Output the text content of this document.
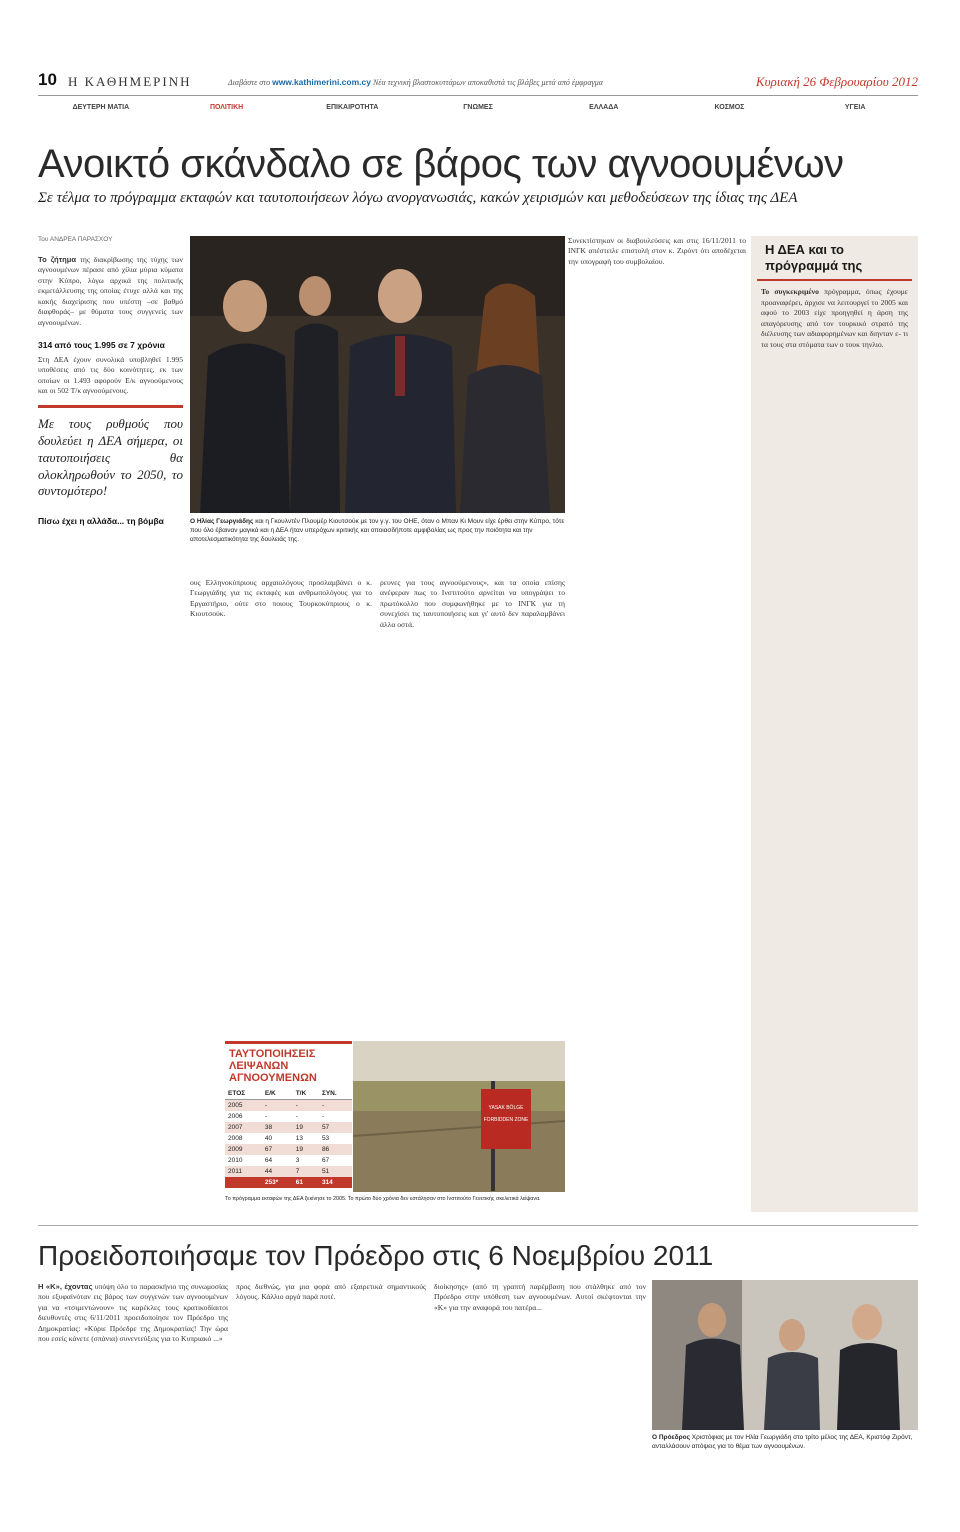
10 Η ΚΑΘΗΜΕΡΙΝΗ	Διαβάστε στο www.kathimerini.com.cy Νέα τεχνική βλαστοκυττάρων αποκαθιστά τις βλάβες μετά από έμφραγμα	Κυριακή 26 Φεβρουαρίου 2012
ΔΕΥΤΕΡΗ ΜΑΤΙΑ	ΠΟΛΙΤΙΚΗ	ΕΠΙΚΑΙΡΟΤΗΤΑ	ΓΝΩΜΕΣ	ΕΛΛΑΔΑ	ΚΟΣΜΟΣ	ΥΓΕΙΑ
Ανοικτό σκάνδαλο σε βάρος των αγνοουμένων
Σε τέλμα το πρόγραμμα εκταφών και ταυτοποιήσεων λόγω ανοργανωσιάς, κακών χειρισμών και μεθοδεύσεων της ίδιας της ΔΕΑ
Του ΑΝΔΡΕΑ ΠΑΡΑΣΧΟΥ

Το ζήτημα της διακρίβωσης της τύχης των αγνοουμένων πέρασε από χίλια μύρια κύματα στην Κύπρο, λόγω αρχικά της πολιτικής εκμετάλλευσης της οποίας έτυχε αλλά και της κακής διαχείρισης που υπέστη –σε βαθμό διαφθοράς– με θύματα τους συγγενείς των αγνοουμένων.

314 από τους 1.995 σε 7 χρόνια

Στη ΔΕΑ έχουν συνολικά υποβληθεί 1.995 υποθέσεις από τις δύο κοινότητες, εκ των οποίων οι 1.493 αφορούν Ε/κ αγνοούμενους και οι 502 Τ/κ αγνοούμενους.

Με τους ρυθμούς που δουλεύει η ΔΕΑ σήμερα, οι ταυτοποιήσεις θα ολοκληρωθούν το 2050, το συντομότερο!
Πίσω έχει η αλλάδα... τη βόμβα	Ο Ηλίας Γεωργιάδης και η Γκουλντέν Πλουμέρ Κιουτσούκ με τον γ.γ. του ΟΗΕ, όταν ο Μπαν Κι Μουν είχε έρθει στην Κύπρο, τότε που όλο έβαιναν μαγικά και η ΔΕΑ ήταν υπερόχων κριτικής και οποιασδήποτε αμφιβολίας ως προς την ποιότητα και την αποτελεσματικότητα της δουλειάς της.

ους Ελληνοκύπριους αρχαιολόγους προσλαμβάνει ο κ. Γεωργιάδης για τις εκταφές και ανθρωπολόγους για το Εργαστήριο, ούτε στο ποιους Τουρκοκύπριους ο κ. Κιουτσούκ.

ρευνες για τους αγνοούμενους», και τα οποία επίσης ανέφεραν πως το Ινστιτούτο αρνείται να υπογράψει το πρωτόκολλο που συμφωνήθηκε με το ΙΝΓΚ για τη συνεχίσει τις ταυτοποιήσεις και γι' αυτό δεν παραλαμβάνει άλλα οστά.

ΤΑΥΤΟΠΟΙΗΣΕΙΣ ΛΕΙΨΑΝΩΝ ΑΓΝΟΟΥΜΕΝΩΝ
ΕΤΟΣ	Ε/Κ	Τ/Κ	ΣΥΝ.
2005	-	-	-
2006	-	-	-
2007	38	19	57
2008	40	13	53
2009	67	19	86
2010	64	3	67
2011	44	7	51
	253*	61	314
YASAK BÖLGE
FORBIDDEN ZONE
Το πρόγραμμα εκταφών της ΔΕΑ ξεκίνησε το 2005. Το πρώτο δύο χρόνια δεν εστάλησαν στο Ινστιτούτο Γενετικής σκελετικά λείψανα.

Συνεκτίστηκαν οι διαβουλεύσεις και στις 16/11/2011 το ΙΝΓΚ απέστειλε επιστολή στον κ. Ζιρόντ ότι αποδέχεται την υπογραφή του συμβολαίου.

Η ΔΕΑ και το πρόγραμμά της

Το συγκεκριμένο πρόγραμμα, όπως έχουμε προαναφέρει, άρχισε να λειτουργεί το 2005 και αφού το 2003 είχε προηγηθεί η άρση της απαγόρευσης από τον τουρκικό στρατό της διέλευσης των αδιαφορημένων και διηνταν ε- τι τα τους στα στόματα των ο τουκ τηνλιο.

Προειδοποιήσαμε τον Πρόεδρο στις 6 Νοεμβρίου 2011

Η «Κ», έχοντας υπόψη όλο το παρασκήνιο της συνωμοσίας που εξυφαίνόταν εις βάρος των συγγενών των αγνοουμένων για να «τσιμεντώνουν» τις καρέκλες τους κρατικοδίαιτοι διευθυντές στις 6/11/2011 προειδοποίησε τον Πρόεδρο της Δημοκρατίας: «Κύριε Πρόεδρε της Δημοκρατίας! Την ώρα που εσείς κάνετε (σπάνια) συνεντεύξεις για το Κυπριακό ...»

προς διεθνώς, για μια φορά από εξαιρετικά σημαντικούς λόγους. Κάλλιο αργά παρά ποτέ.

διοίκησης» (από τη γραπτή παρέμβαση που στάλθηκε από τον Πρόεδρο στην υπόθεση των αγνοουμένων. Αυτοί σκέφτονται την «Κ» για την αναφορά του πατέρα...

Ο Πρόεδρος Χριστόφιας με τον Ηλία Γεωργιάδη στο τρίτο μέλος της ΔΕΑ, Κριστόφ Ζιρόντ, ανταλλάσουν απόψεις για το θέμα των αγνοουμένων.
